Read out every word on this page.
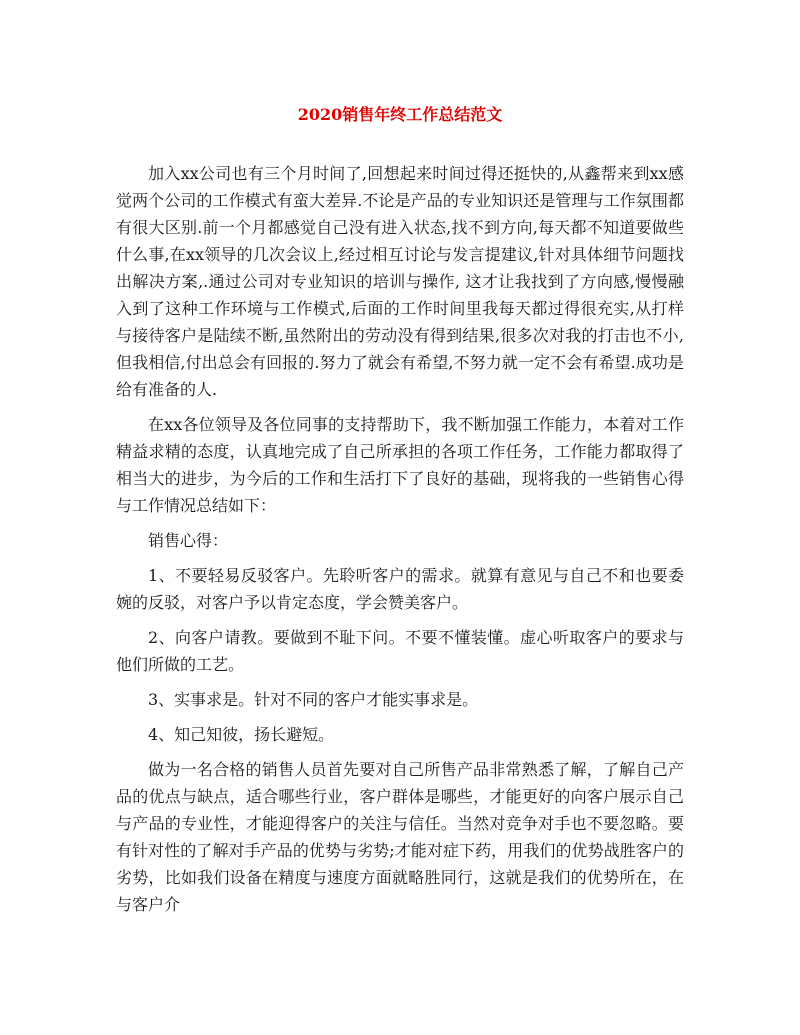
2020销售年终工作总结范文

加入xx公司也有三个月时间了,回想起来时间过得还挺快的,从鑫帮来到xx感觉两个公司的工作模式有蛮大差异.不论是产品的专业知识还是管理与工作氛围都有很大区别.前一个月都感觉自己没有进入状态,找不到方向,每天都不知道要做些什么事,在xx领导的几次会议上,经过相互讨论与发言提建议,针对具体细节问题找出解决方案,.通过公司对专业知识的培训与操作, 这才让我找到了方向感,慢慢融入到了这种工作环境与工作模式,后面的工作时间里我每天都过得很充实,从打样与接待客户是陆续不断,虽然附出的劳动没有得到结果,很多次对我的打击也不小,但我相信,付出总会有回报的.努力了就会有希望,不努力就一定不会有希望.成功是给有准备的人.

在xx各位领导及各位同事的支持帮助下，我不断加强工作能力，本着对工作精益求精的态度，认真地完成了自己所承担的各项工作任务，工作能力都取得了相当大的进步，为今后的工作和生活打下了良好的基础，现将我的一些销售心得与工作情况总结如下：

销售心得：

1、不要轻易反驳客户。先聆听客户的需求。就算有意见与自己不和也要委婉的反驳，对客户予以肯定态度，学会赞美客户。

2、向客户请教。要做到不耻下问。不要不懂装懂。虚心听取客户的要求与他们所做的工艺。

3、实事求是。针对不同的客户才能实事求是。

4、知己知彼，扬长避短。

做为一名合格的销售人员首先要对自己所售产品非常熟悉了解，了解自己产品的优点与缺点，适合哪些行业，客户群体是哪些，才能更好的向客户展示自己与产品的专业性，才能迎得客户的关注与信任。当然对竞争对手也不要忽略。要有针对性的了解对手产品的优势与劣势;才能对症下药，用我们的优势战胜客户的劣势，比如我们设备在精度与速度方面就略胜同行，这就是我们的优势所在，在与客户介
